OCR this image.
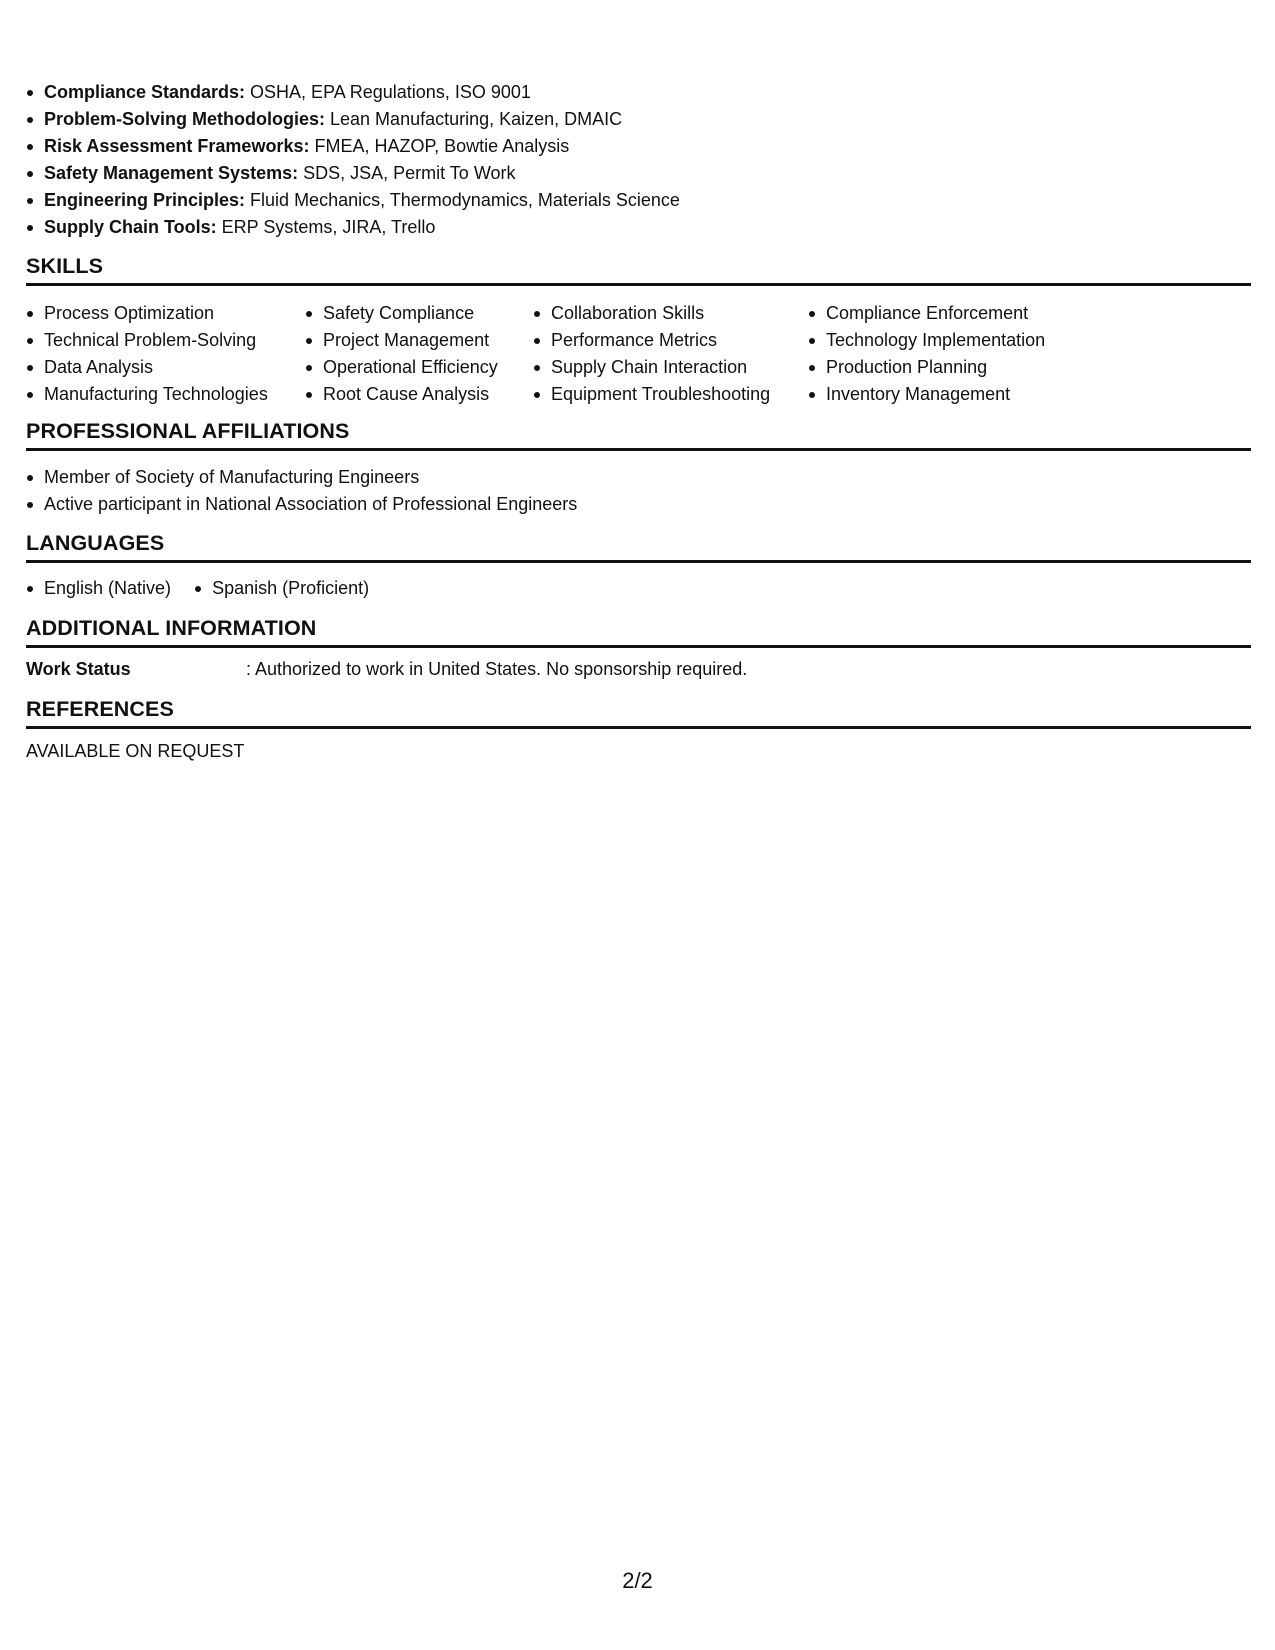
Compliance Standards: OSHA, EPA Regulations, ISO 9001
Problem-Solving Methodologies: Lean Manufacturing, Kaizen, DMAIC
Risk Assessment Frameworks: FMEA, HAZOP, Bowtie Analysis
Safety Management Systems: SDS, JSA, Permit To Work
Engineering Principles: Fluid Mechanics, Thermodynamics, Materials Science
Supply Chain Tools: ERP Systems, JIRA, Trello
SKILLS
Process Optimization
Technical Problem-Solving
Data Analysis
Manufacturing Technologies
Safety Compliance
Project Management
Operational Efficiency
Root Cause Analysis
Collaboration Skills
Performance Metrics
Supply Chain Interaction
Equipment Troubleshooting
Compliance Enforcement
Technology Implementation
Production Planning
Inventory Management
PROFESSIONAL AFFILIATIONS
Member of Society of Manufacturing Engineers
Active participant in National Association of Professional Engineers
LANGUAGES
English (Native) Spanish (Proficient)
ADDITIONAL INFORMATION
Work Status	: Authorized to work in United States. No sponsorship required.
REFERENCES
AVAILABLE ON REQUEST
2/2
